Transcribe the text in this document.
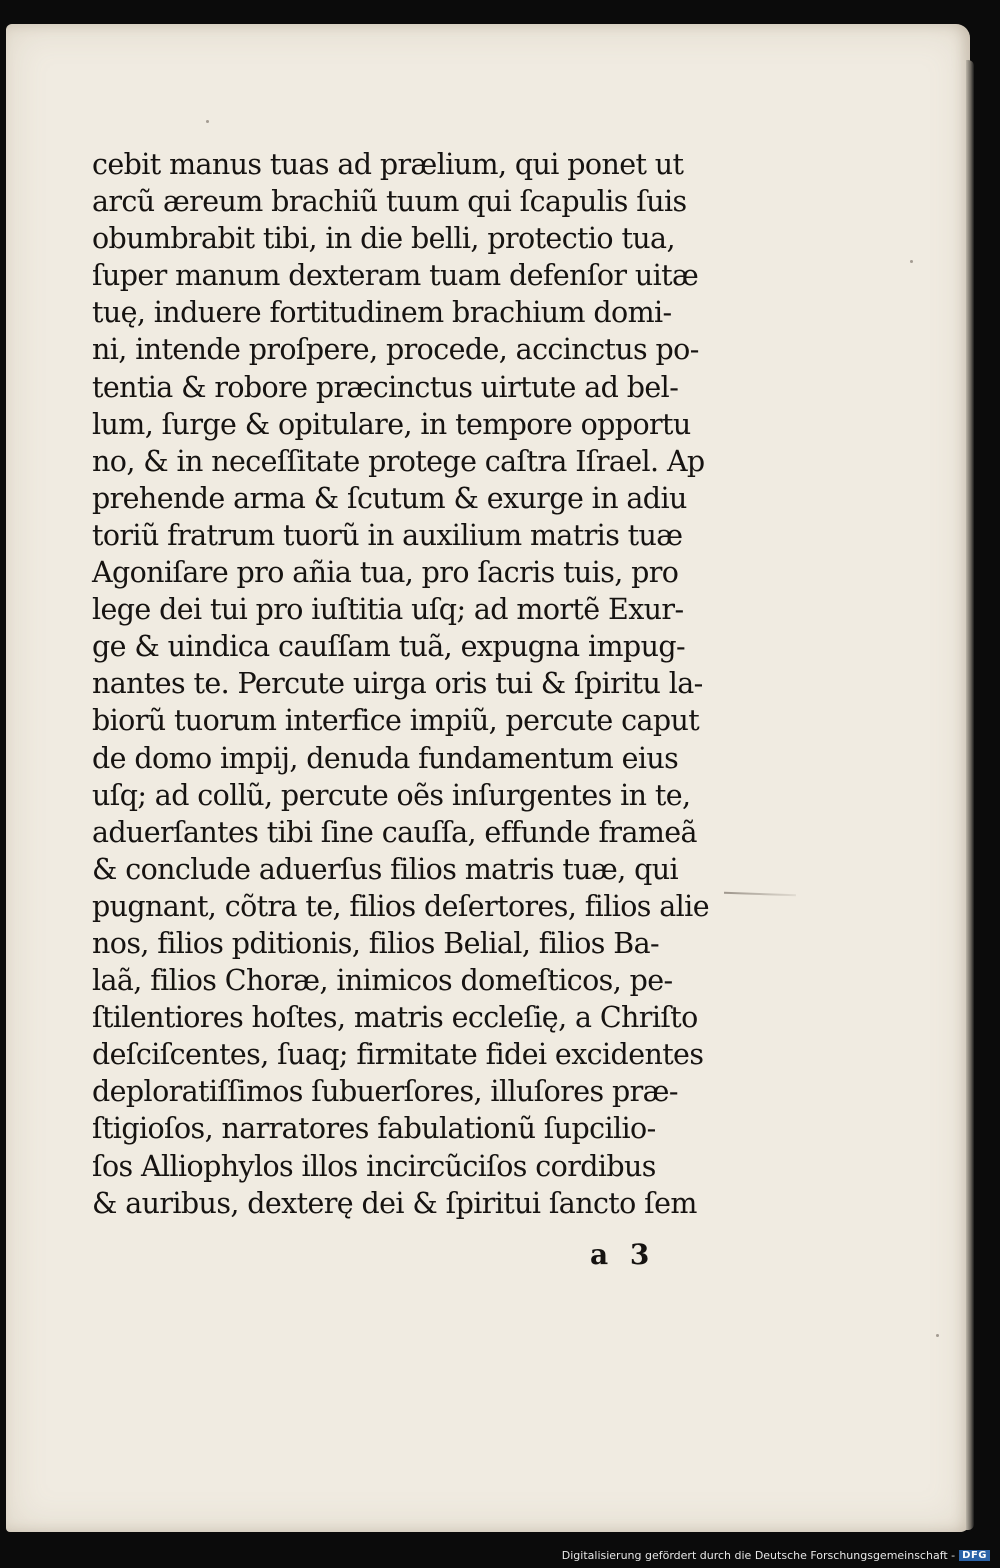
cebit manus tuas ad prælium, qui ponet ut
arcũ æreum brachiũ tuum qui ſcapulis ſuis
obumbrabit tibi, in die belli, protectio tua,
ſuper manum dexteram tuam defenſor uitæ
tuę, induere fortitudinem brachium domi-
ni, intende proſpere, procede, accinctus po-
tentia & robore præcinctus uirtute ad bel-
lum, ſurge & opitulare, in tempore opportu
no, & in neceſſitate protege caſtra Iſrael. Ap
prehende arma & ſcutum & exurge in adiu
toriũ fratrum tuorũ in auxilium matris tuæ
Agoniſare pro añia tua, pro ſacris tuis, pro
lege dei tui pro iuſtitia uſq; ad mortẽ Exur-
ge & uindica cauſſam tuã, expugna impug-
nantes te. Percute uirga oris tui & ſpiritu la-
biorũ tuorum interfice impiũ, percute caput
de domo impij, denuda fundamentum eius
uſq; ad collũ, percute oẽs inſurgentes in te,
aduerſantes tibi ſine cauſſa, effunde frameã
& conclude aduerſus filios matris tuæ, qui
pugnant, cõtra te, filios deſertores, filios alie
nos, filios pditionis, filios Belial, filios Ba-
laã, filios Choræ, inimicos domeſticos, pe-
ſtilentiores hoſtes, matris eccleſię, a Chriſto
deſciſcentes, ſuaq; firmitate fidei excidentes
deploratiſſimos ſubuerſores, illuſores præ-
ſtigioſos, narratores fabulationũ ſupcilio-
ſos Alliophylos illos incircũciſos cordibus
& auribus, dexterę dei & ſpiritui ſancto ſem
a 3
Digitalisierung gefördert durch die Deutsche Forschungsgemeinschaft - DFG
